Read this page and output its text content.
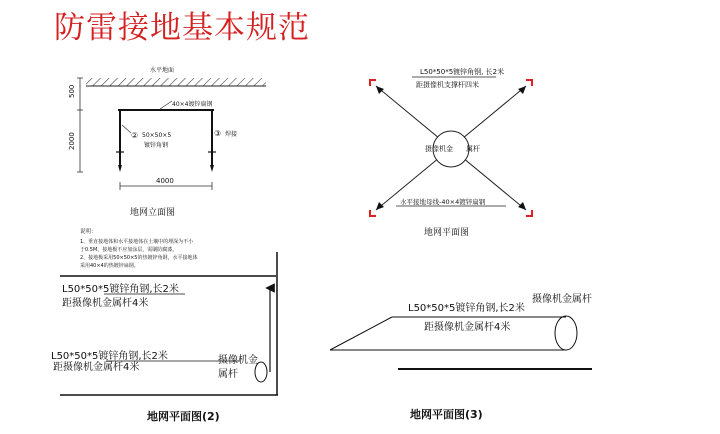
防雷接地基本规范
水平地面
500
2000
40×4镀锌扁钢
② 50×50×5
镀锌角钢
③ 焊接
4000
地网立面图
说明：
1、垂直接地体和水平接地体在土壤中的埋深为不小
于0.5M，接地极不应加涂层，需刷防腐漆。
2、接地极采用50×50×5的热镀锌角钢，水平接地体
采用40×4的热镀锌扁钢。
摄像机金 属杆
L50*50*5镀锌角钢, 长2米
距摄像机支撑杆四米
水平接地母线-40×4镀锌扁钢
地网平面图
L50*50*5镀锌角钢,长2米
距摄像机金属杆4米
L50*50*5镀锌角钢,长2米
距摄像机金属杆4米
摄像机金
属杆
地网平面图(2)
L50*50*5镀锌角钢,长2米
距摄像机金属杆4米
摄像机金属杆
地网平面图(3)
